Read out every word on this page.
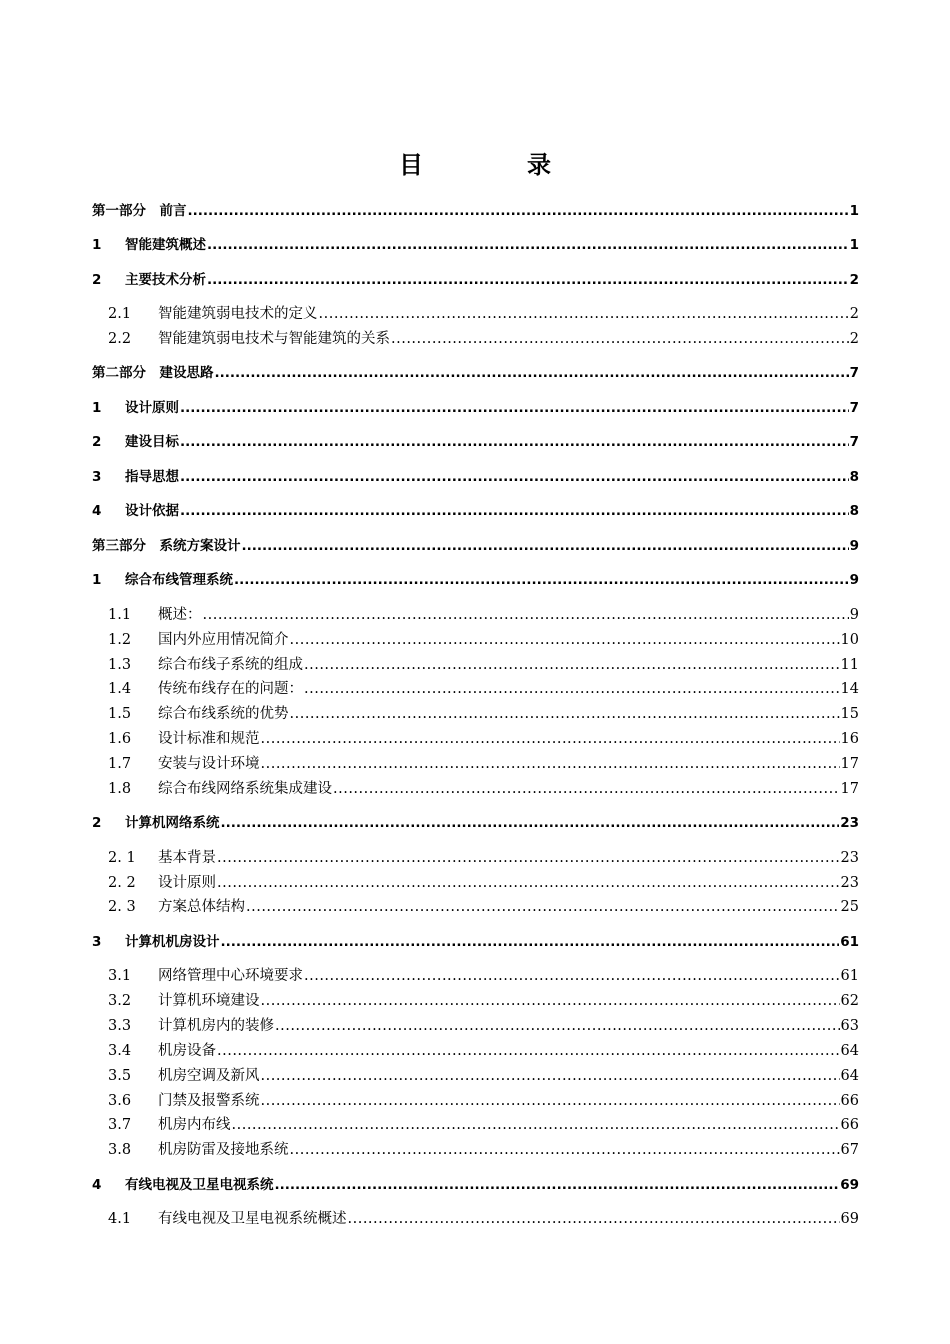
目　录
第一部分　前言 .....	1
1	智能建筑概述 .....	1
2	主要技术分析 .....	2
2.1	智能建筑弱电技术的定义 .....	2
2.2	智能建筑弱电技术与智能建筑的关系 .....	2
第二部分　建设思路 .....	7
1	设计原则 .....	7
2	建设目标 .....	7
3	指导思想 .....	8
4	设计依据 .....	8
第三部分　系统方案设计 .....	9
1	综合布线管理系统 .....	9
1.1	概述： .....	9
1.2	国内外应用情况简介 .....	10
1.3	综合布线子系统的组成 .....	11
1.4	传统布线存在的问题： .....	14
1.5	综合布线系统的优势 .....	15
1.6	设计标准和规范 .....	16
1.7	安装与设计环境 .....	17
1.8	综合布线网络系统集成建设 .....	17
2	计算机网络系统 .....	23
2. 1	基本背景 .....	23
2. 2	设计原则 .....	23
2. 3	方案总体结构 .....	25
3	计算机机房设计 .....	61
3.1	网络管理中心环境要求 .....	61
3.2	计算机环境建设 .....	62
3.3	计算机房内的装修 .....	63
3.4	机房设备 .....	64
3.5	机房空调及新风 .....	64
3.6	门禁及报警系统 .....	66
3.7	机房内布线 .....	66
3.8	机房防雷及接地系统 .....	67
4	有线电视及卫星电视系统 .....	69
4.1	有线电视及卫星电视系统概述 .....	69
